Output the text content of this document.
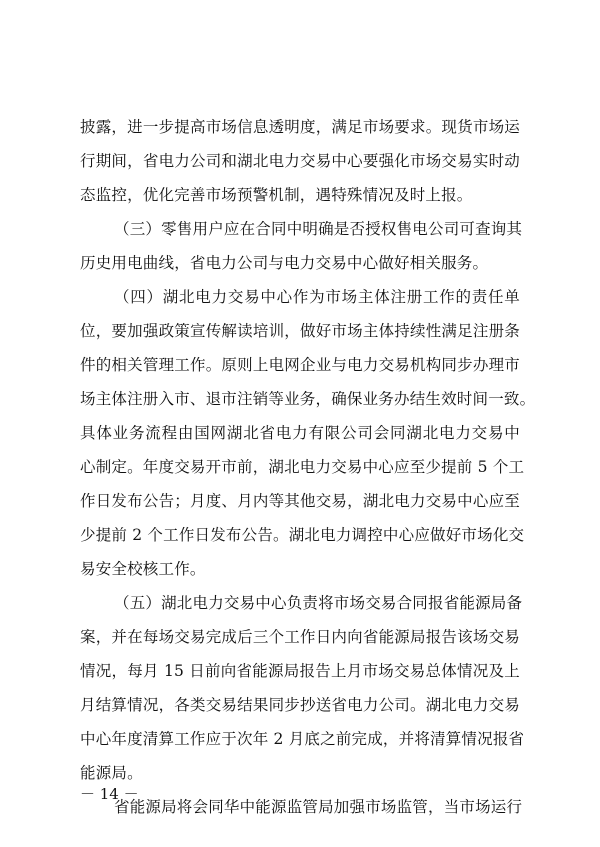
披露，进一步提高市场信息透明度，满足市场要求。现货市场运
行期间，省电力公司和湖北电力交易中心要强化市场交易实时动
态监控，优化完善市场预警机制，遇特殊情况及时上报。
（三）零售用户应在合同中明确是否授权售电公司可查询其
历史用电曲线，省电力公司与电力交易中心做好相关服务。
（四）湖北电力交易中心作为市场主体注册工作的责任单
位，要加强政策宣传解读培训，做好市场主体持续性满足注册条
件的相关管理工作。原则上电网企业与电力交易机构同步办理市
场主体注册入市、退市注销等业务，确保业务办结生效时间一致。
具体业务流程由国网湖北省电力有限公司会同湖北电力交易中
心制定。年度交易开市前，湖北电力交易中心应至少提前 5 个工
作日发布公告；月度、月内等其他交易，湖北电力交易中心应至
少提前 2 个工作日发布公告。湖北电力调控中心应做好市场化交
易安全校核工作。
（五）湖北电力交易中心负责将市场交易合同报省能源局备
案，并在每场交易完成后三个工作日内向省能源局报告该场交易
情况，每月 15 日前向省能源局报告上月市场交易总体情况及上
月结算情况，各类交易结果同步抄送省电力公司。湖北电力交易
中心年度清算工作应于次年 2 月底之前完成，并将清算情况报省
能源局。
省能源局将会同华中能源监管局加强市场监管，当市场运行
－ 14 －
